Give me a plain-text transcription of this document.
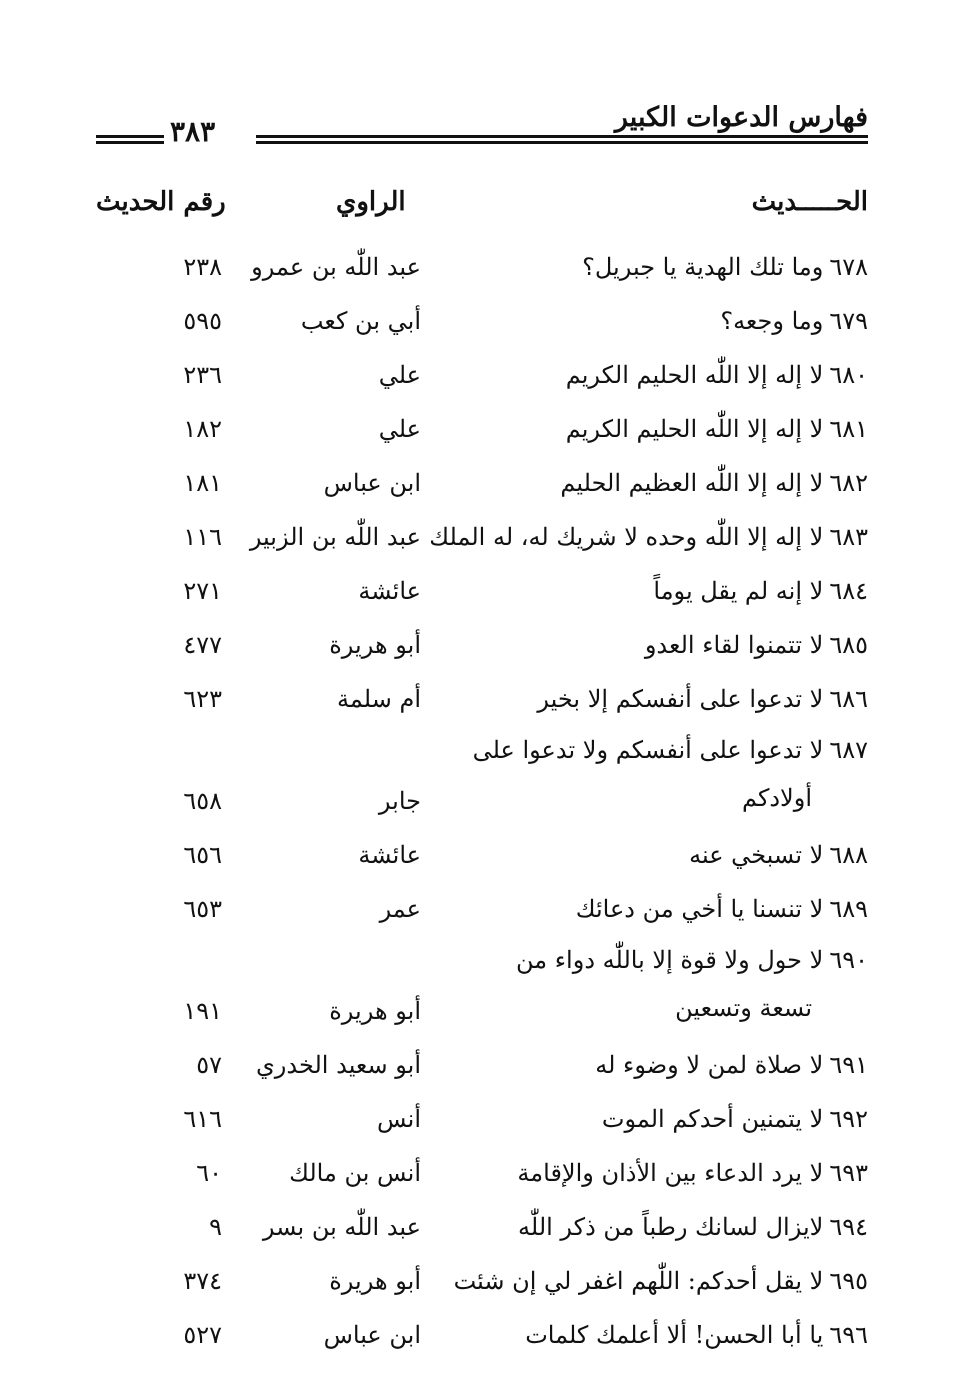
فهارس الدعوات الكبير
٣٨٣
الحـــــديث
الراوي
رقم الحديث
٦٧٨وما تلك الهدية يا جبريل؟
عبد اللّٰه بن عمرو
٢٣٨
٦٧٩وما وجعه؟
أبي بن كعب
٥٩٥
٦٨٠لا إله إلا اللّٰه الحليم الكريم
علي
٢٣٦
٦٨١لا إله إلا اللّٰه الحليم الكريم
علي
١٨٢
٦٨٢لا إله إلا اللّٰه العظيم الحليم
ابن عباس
١٨١
٦٨٣لا إله إلا اللّٰه وحده لا شريك له، له الملك
عبد اللّٰه بن الزبير
١١٦
٦٨٤لا إنه لم يقل يوماً
عائشة
٢٧١
٦٨٥لا تتمنوا لقاء العدو
أبو هريرة
٤٧٧
٦٨٦لا تدعوا على أنفسكم إلا بخير
أم سلمة
٦٢٣
٦٨٧لا تدعوا على أنفسكم ولا تدعوا على
أولادكم
جابر
٦٥٨
٦٨٨لا تسبخي عنه
عائشة
٦٥٦
٦٨٩لا تنسنا يا أخي من دعائك
عمر
٦٥٣
٦٩٠لا حول ولا قوة إلا باللّٰه دواء من
تسعة وتسعين
أبو هريرة
١٩١
٦٩١لا صلاة لمن لا وضوء له
أبو سعيد الخدري
٥٧
٦٩٢لا يتمنين أحدكم الموت
أنس
٦١٦
٦٩٣لا يرد الدعاء بين الأذان والإقامة
أنس بن مالك
٦٠
٦٩٤لايزال لسانك رطباً من ذكر اللّٰه
عبد اللّٰه بن بسر
٩
٦٩٥لا يقل أحدكم: اللّٰهم اغفر لي إن شئت
أبو هريرة
٣٧٤
٦٩٦يا أبا الحسن! ألا أعلمك كلمات
ابن عباس
٥٢٧
